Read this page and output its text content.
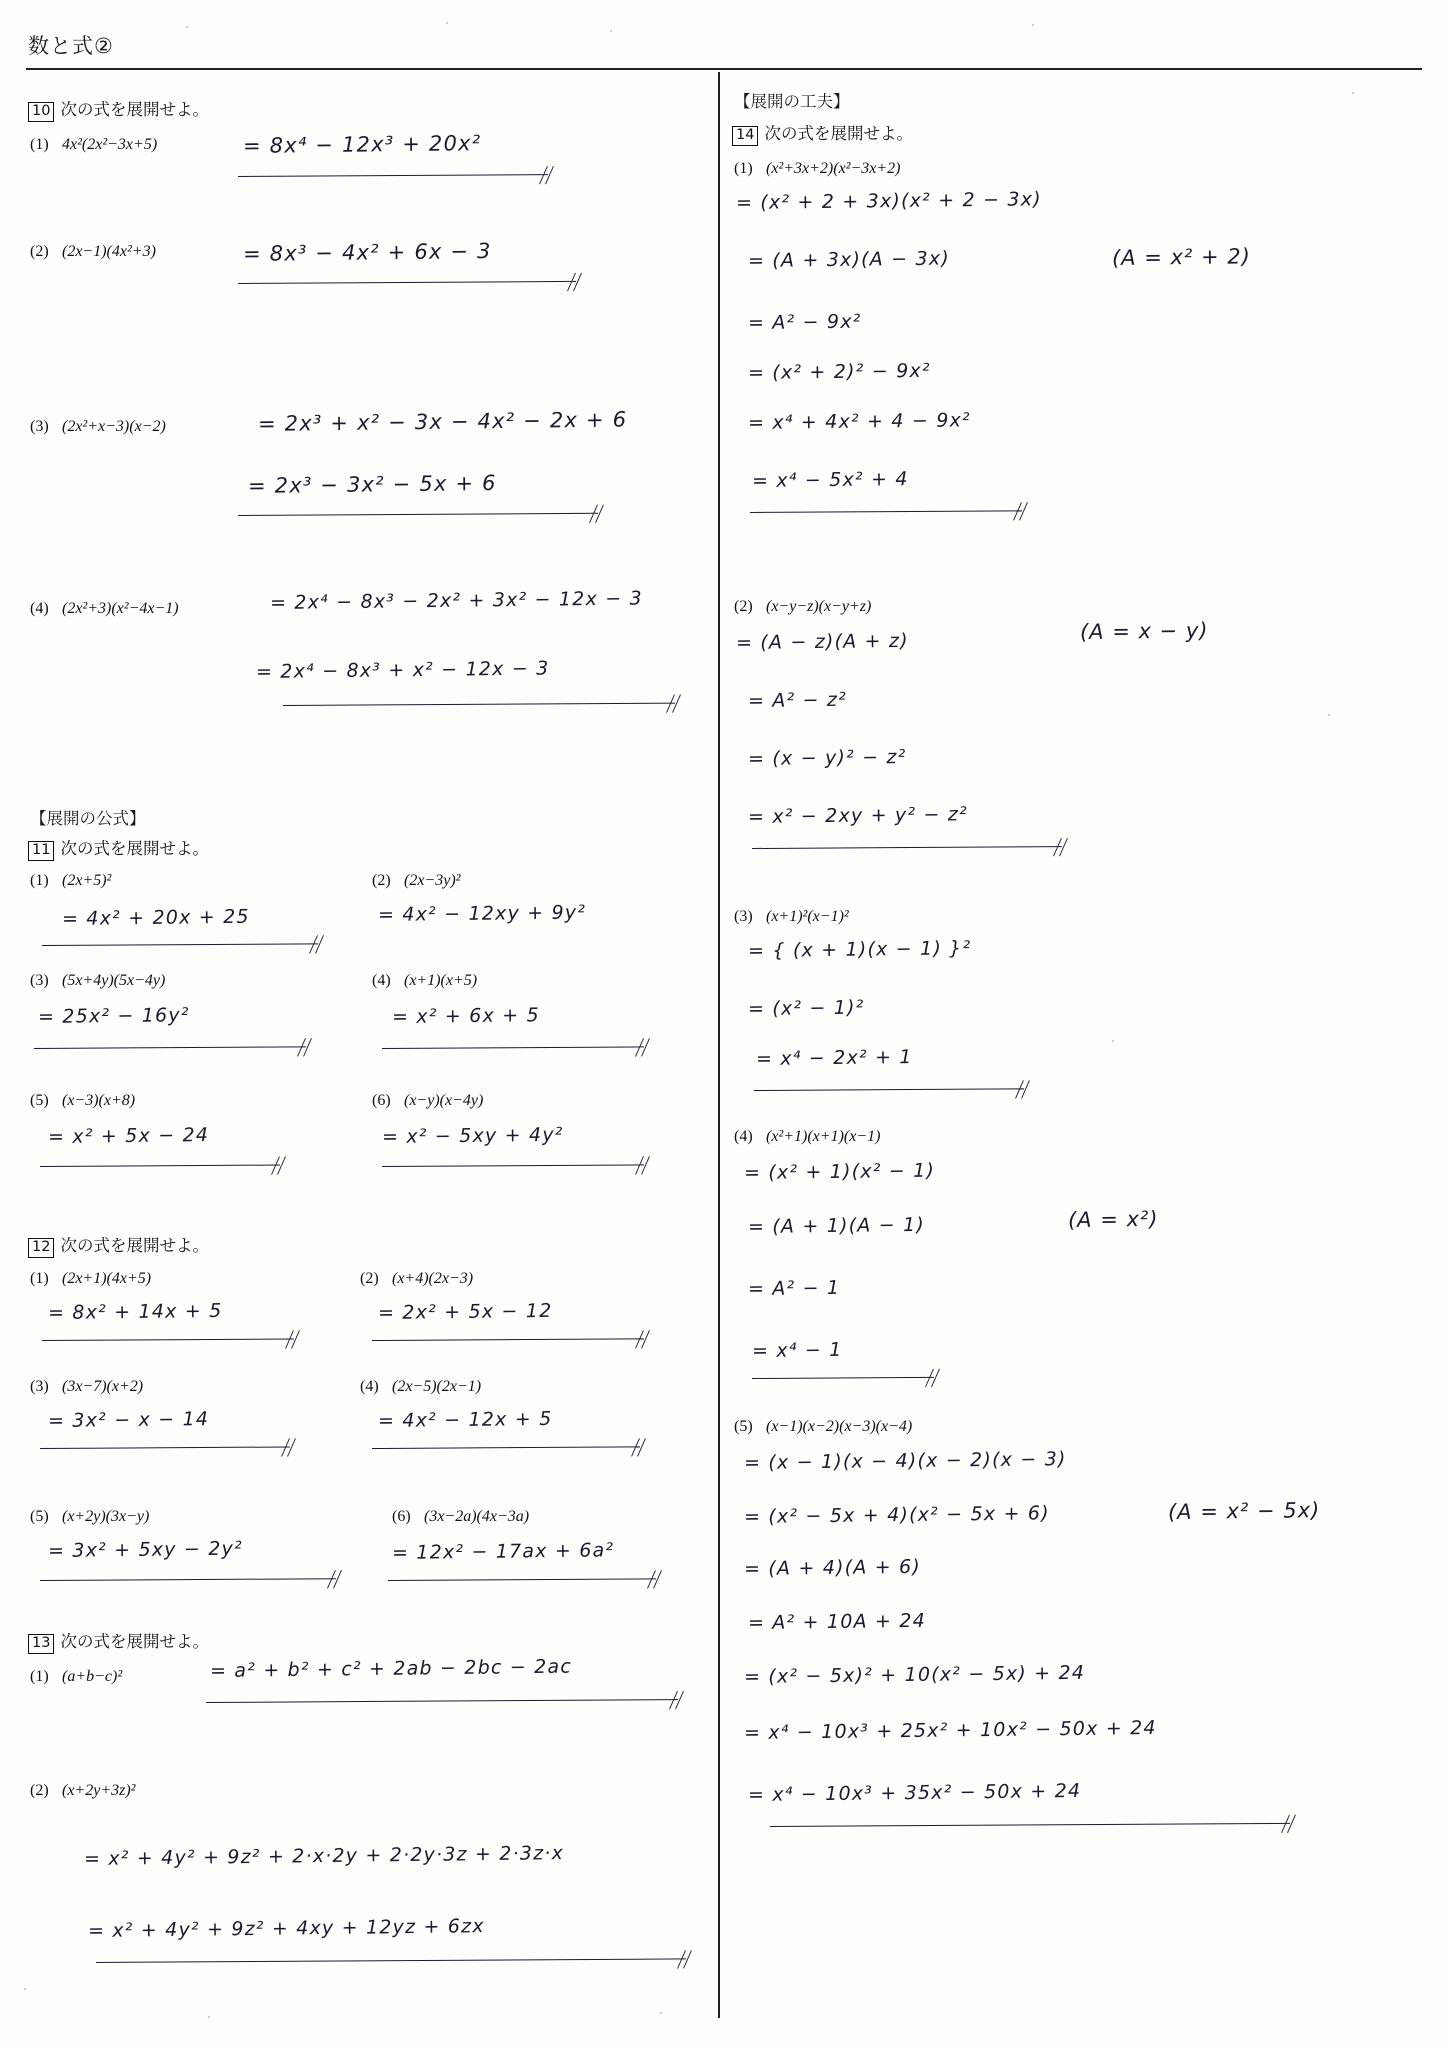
数と式②
10 次の式を展開せよ。
(1) 4x²(2x²−3x+5)	= 8x⁴ − 12x³ + 20x²
(2) (2x−1)(4x²+3)	= 8x³ − 4x² + 6x − 3
(3) (2x²+x−3)(x−2)	= 2x³ + x² − 3x − 4x² − 2x + 6
= 2x³ − 3x² − 5x + 6
(4) (2x²+3)(x²−4x−1)	= 2x⁴ − 8x³ − 2x² + 3x² − 12x − 3
= 2x⁴ − 8x³ + x² − 12x − 3
【展開の公式】
11 次の式を展開せよ。
(1) (2x+5)²
= 4x² + 20x + 25
(2) (2x−3y)²
= 4x² − 12xy + 9y²
(3) (5x+4y)(5x−4y)
= 25x² − 16y²
(4) (x+1)(x+5)
= x² + 6x + 5
(5) (x−3)(x+8)
= x² + 5x − 24
(6) (x−y)(x−4y)
= x² − 5xy + 4y²
12 次の式を展開せよ。
(1) (2x+1)(4x+5)
= 8x² + 14x + 5
(2) (x+4)(2x−3)
= 2x² + 5x − 12
(3) (3x−7)(x+2)
= 3x² − x − 14
(4) (2x−5)(2x−1)
= 4x² − 12x + 5
(5) (x+2y)(3x−y)
= 3x² + 5xy − 2y²
(6) (3x−2a)(4x−3a)
= 12x² − 17ax + 6a²
13 次の式を展開せよ。
(1) (a+b−c)²	= a² + b² + c² + 2ab − 2bc − 2ac
(2) (x+2y+3z)²
= x² + 4y² + 9z² + 2·x·2y + 2·2y·3z + 2·3z·x
= x² + 4y² + 9z² + 4xy + 12yz + 6zx
【展開の工夫】
14 次の式を展開せよ。
(1) (x²+3x+2)(x²−3x+2)
= (x² + 2 + 3x)(x² + 2 − 3x)
= (A + 3x)(A − 3x)	(A = x² + 2)
= A² − 9x²
= (x² + 2)² − 9x²
= x⁴ + 4x² + 4 − 9x²
= x⁴ − 5x² + 4
(2) (x−y−z)(x−y+z)
= (A − z)(A + z)	(A = x − y)
= A² − z²
= (x − y)² − z²
= x² − 2xy + y² − z²
(3) (x+1)²(x−1)²
= { (x + 1)(x − 1) }²
= (x² − 1)²
= x⁴ − 2x² + 1
(4) (x²+1)(x+1)(x−1)
= (x² + 1)(x² − 1)
= (A + 1)(A − 1)	(A = x²)
= A² − 1
= x⁴ − 1
(5) (x−1)(x−2)(x−3)(x−4)
= (x − 1)(x − 4)(x − 2)(x − 3)
= (x² − 5x + 4)(x² − 5x + 6)	(A = x² − 5x)
= (A + 4)(A + 6)
= A² + 10A + 24
= (x² − 5x)² + 10(x² − 5x) + 24
= x⁴ − 10x³ + 25x² + 10x² − 50x + 24
= x⁴ − 10x³ + 35x² − 50x + 24
